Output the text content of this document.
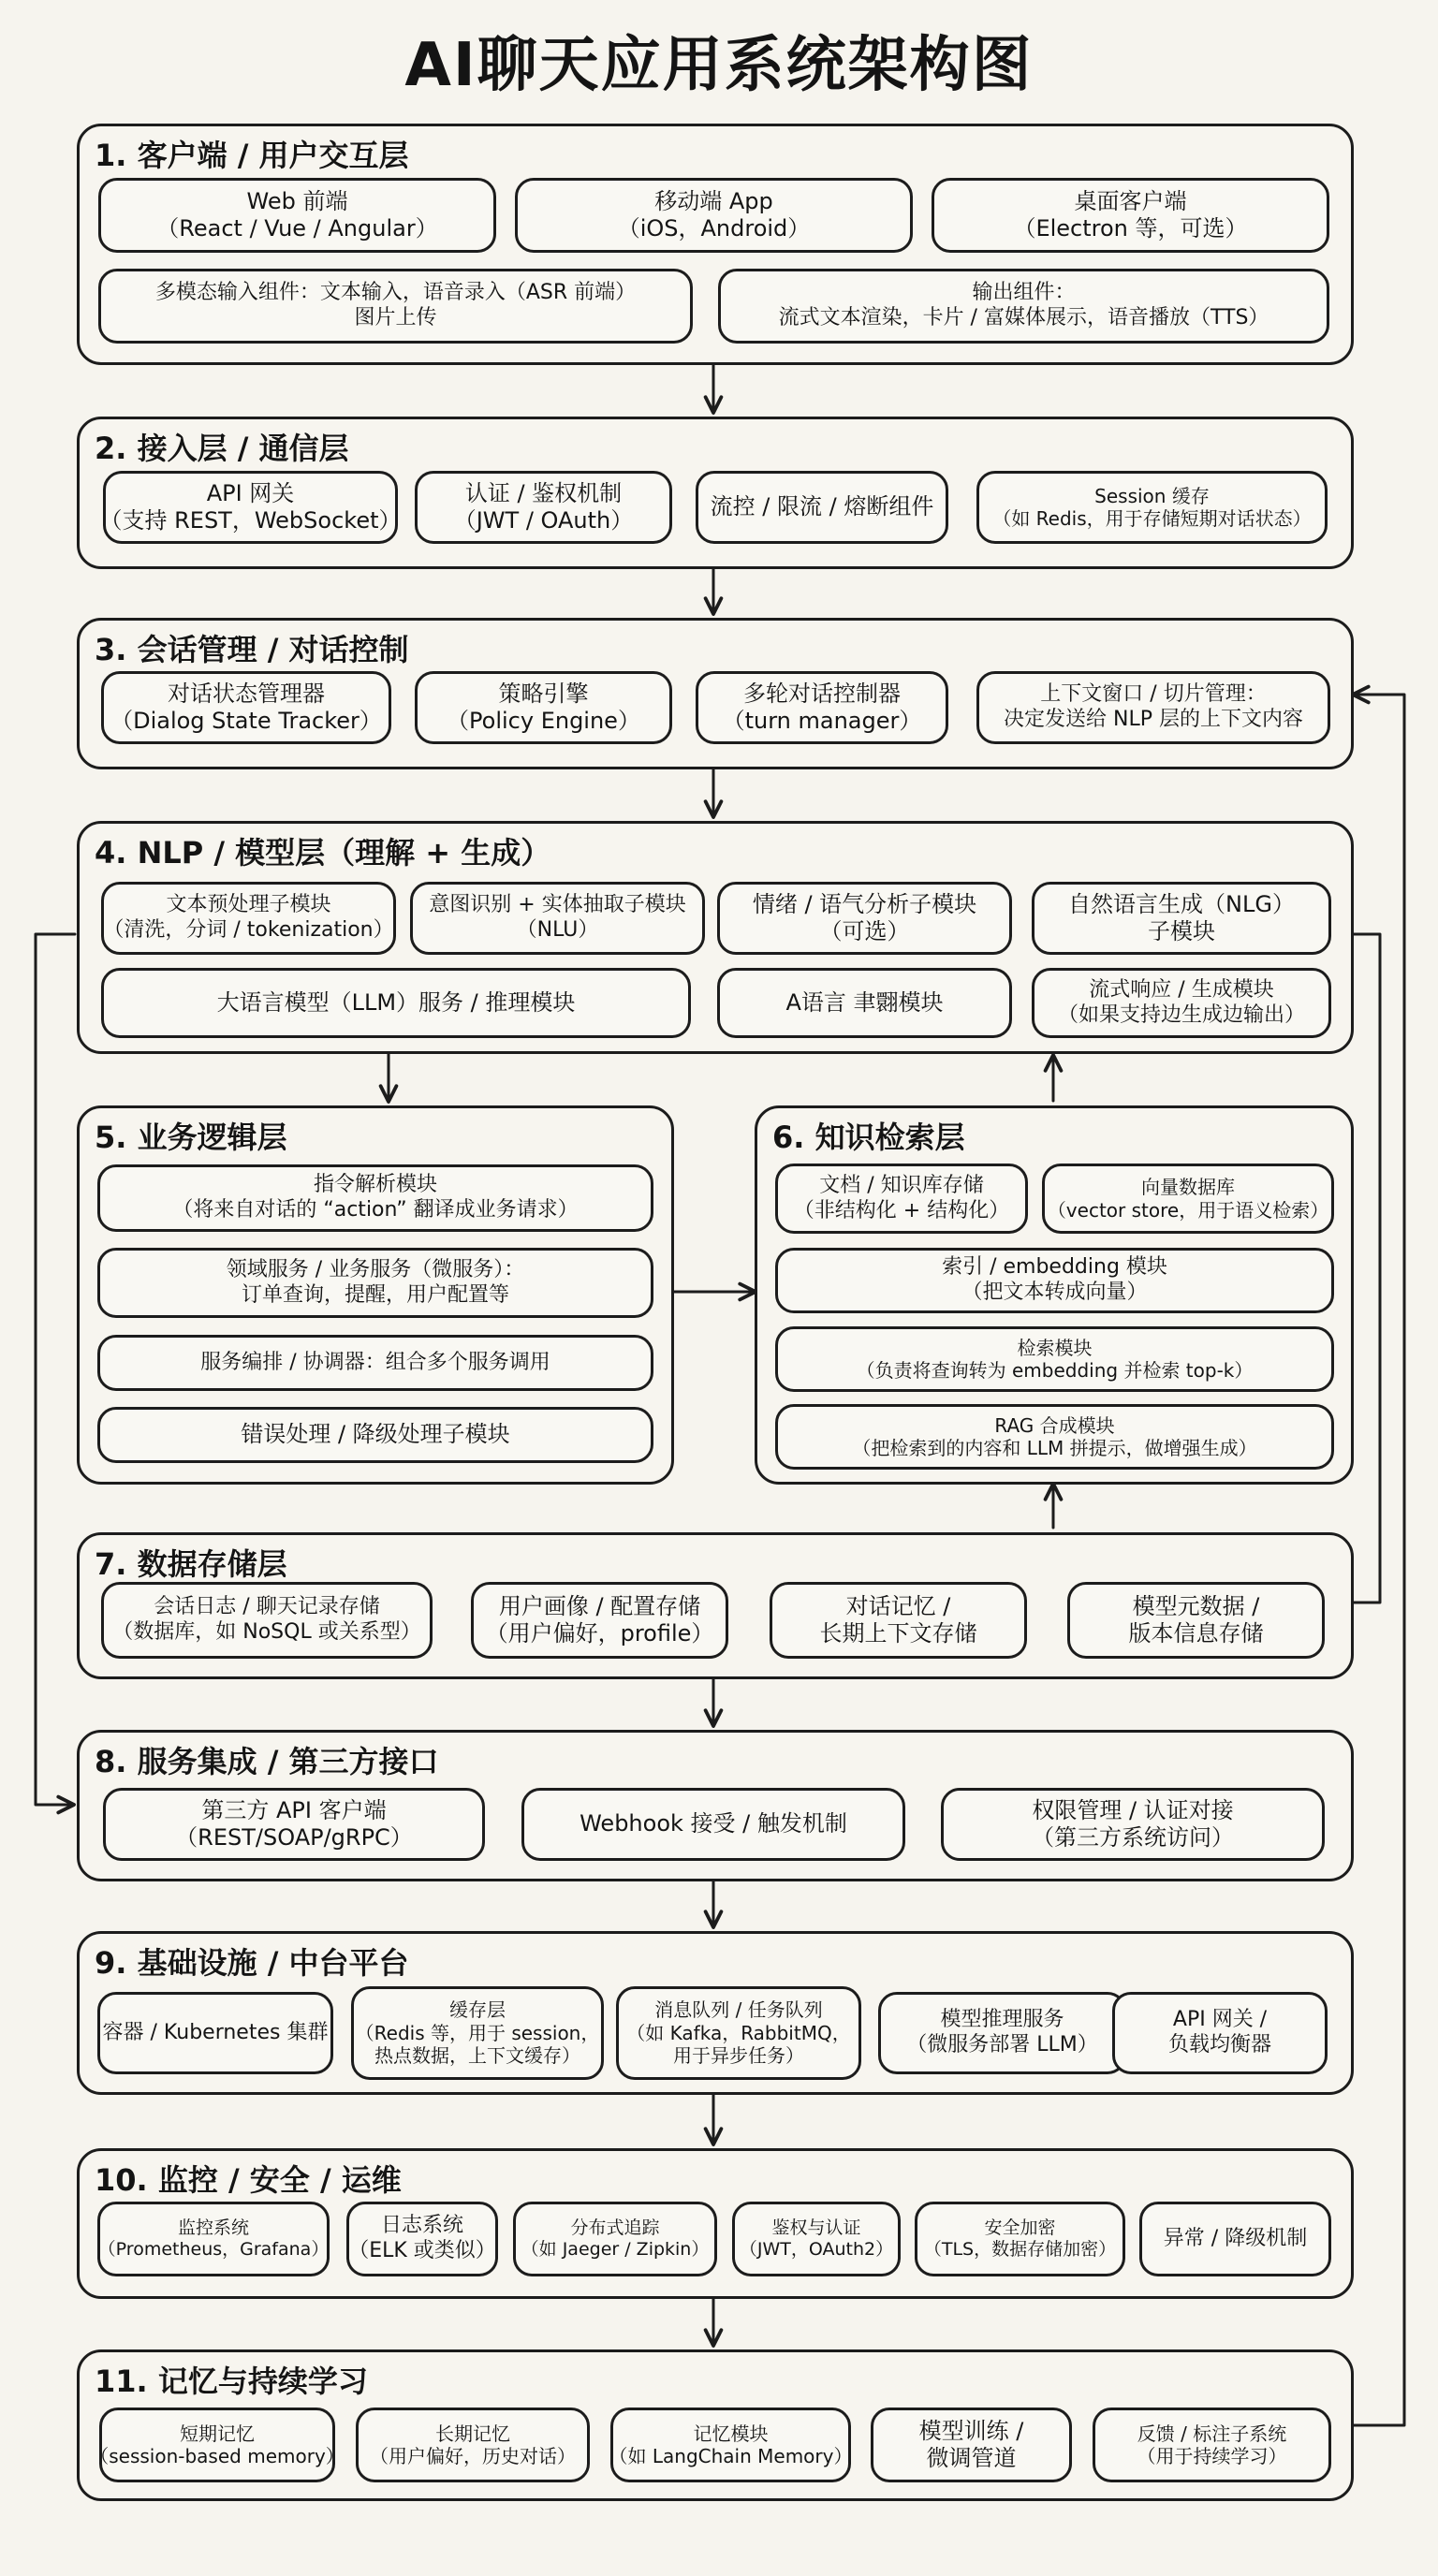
AI聊天应用系统架构图
1. 客户端 / 用户交互层
Web 前端
（React / Vue / Angular）
移动端 App
（iOS，Android）
桌面客户端
（Electron 等，可选）
多模态输入组件：文本输入，语音录入（ASR 前端）
图片上传
输出组件：
流式文本渲染，卡片 / 富媒体展示，语音播放（TTS）
2. 接入层 / 通信层
API 网关
（支持 REST，WebSocket）
认证 / 鉴权机制
（JWT / OAuth）
流控 / 限流 / 熔断组件	Session 缓存
（如 Redis，用于存储短期对话状态）
3. 会话管理 / 对话控制
对话状态管理器
（Dialog State Tracker）
策略引擎
（Policy Engine）
多轮对话控制器
（turn manager）
上下文窗口 / 切片管理：
决定发送给 NLP 层的上下文内容
4. NLP / 模型层（理解 + 生成）
文本预处理子模块
（清洗，分词 / tokenization）
意图识别 + 实体抽取子模块
（NLU）
情绪 / 语气分析子模块
（可选）
自然语言生成（NLG）
子模块
大语言模型（LLM）服务 / 推理模块	A语言 聿翾模块	流式响应 / 生成模块
（如果支持边生成边输出）
5. 业务逻辑层
指令解析模块
（将来自对话的 “action” 翻译成业务请求）
领域服务 / 业务服务（微服务）：
订单查询，提醒，用户配置等
服务编排 / 协调器：组合多个服务调用
错误处理 / 降级处理子模块
6. 知识检索层
文档 / 知识库存储
（非结构化 + 结构化）
向量数据库
（vector store，用于语义检索）
索引 / embedding 模块
（把文本转成向量）
检索模块
（负责将查询转为 embedding 并检索 top-k）
RAG 合成模块
（把检索到的内容和 LLM 拼提示，做增强生成）
7. 数据存储层
会话日志 / 聊天记录存储
（数据库，如 NoSQL 或关系型）
用户画像 / 配置存储
（用户偏好，profile）
对话记忆 /
长期上下文存储
模型元数据 /
版本信息存储
8. 服务集成 / 第三方接口
第三方 API 客户端
（REST/SOAP/gRPC）
Webhook 接受 / 触发机制
权限管理 / 认证对接
（第三方系统访问）
9. 基础设施 / 中台平台
容器 / Kubernetes 集群
缓存层
（Redis 等，用于 session，
热点数据，上下文缓存）
消息队列 / 任务队列
（如 Kafka，RabbitMQ，
用于异步任务）
模型推理服务
（微服务部署 LLM）
API 网关 /
负载均衡器
10. 监控 / 安全 / 运维
监控系统
（Prometheus，Grafana）
日志系统
（ELK 或类似）
分布式追踪
（如 Jaeger / Zipkin）
鉴权与认证
（JWT，OAuth2）
安全加密
（TLS，数据存储加密） 异常 / 降级机制
11. 记忆与持续学习
短期记忆
（session-based memory）
长期记忆
（用户偏好，历史对话）
记忆模块
（如 LangChain Memory）
模型训练 /
微调管道
反馈 / 标注子系统
（用于持续学习）
